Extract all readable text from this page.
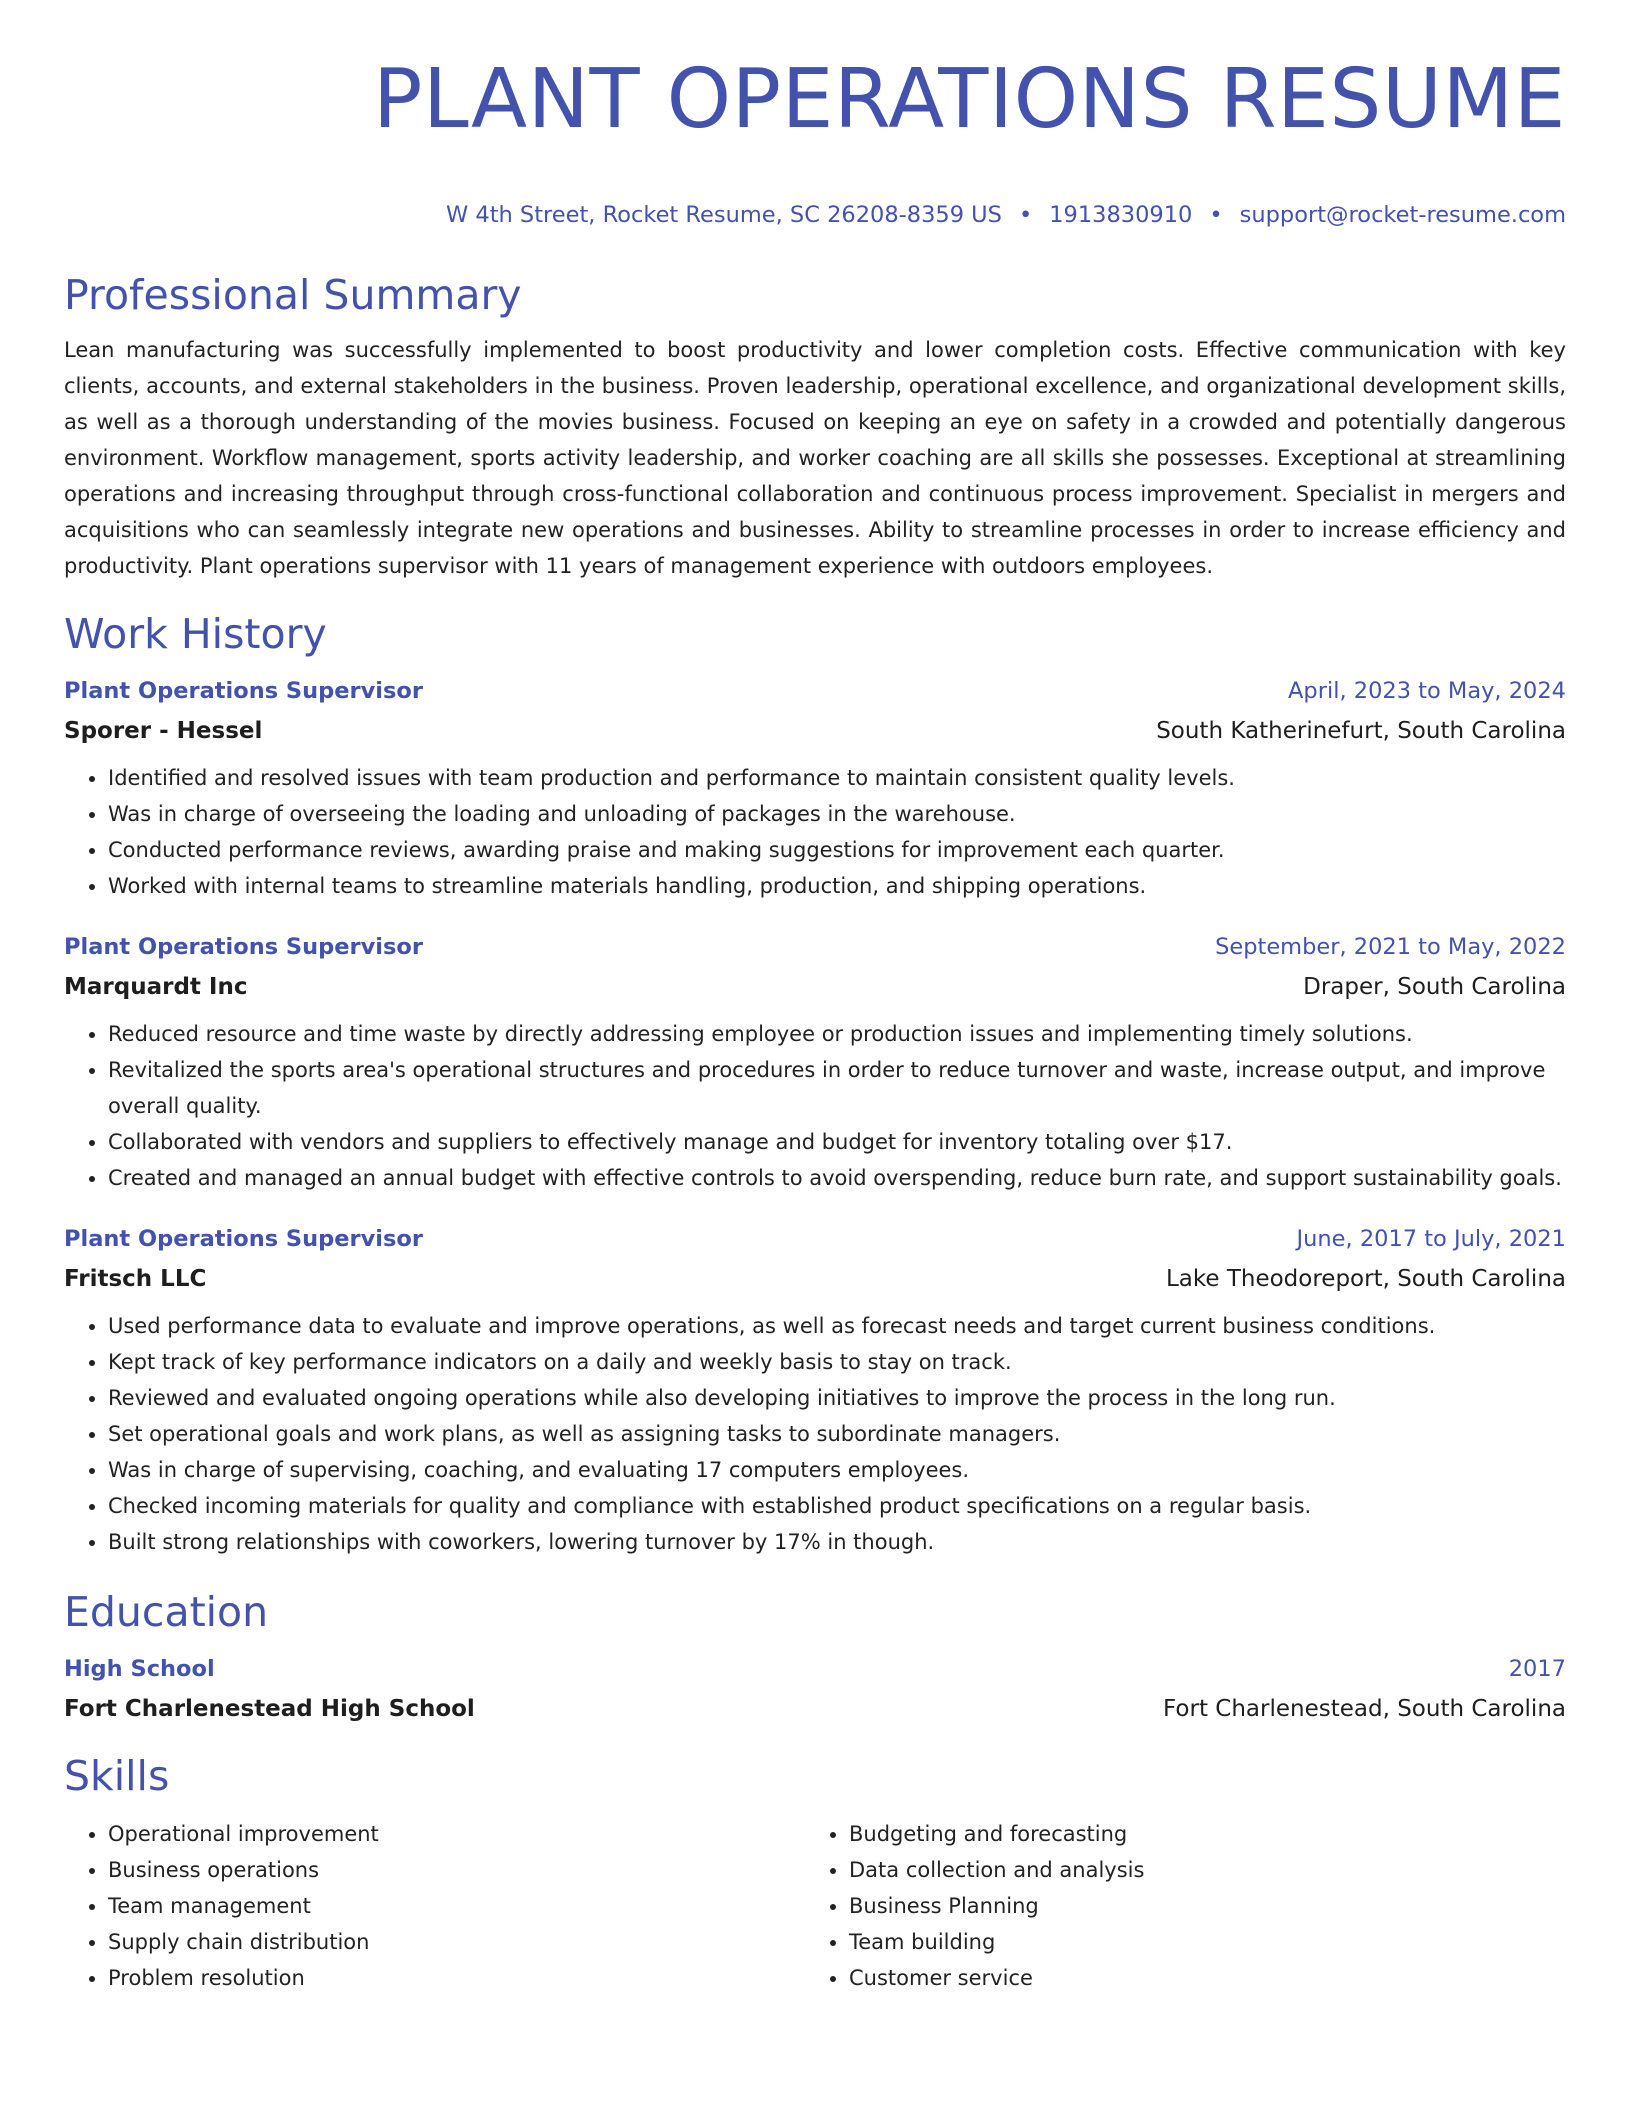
PLANT OPERATIONS RESUME
W 4th Street, Rocket Resume, SC 26208-8359 US • 1913830910 • support@rocket-resume.com
Professional Summary

Lean manufacturing was successfully implemented to boost productivity and lower completion costs. Effective communication with key clients, accounts, and external stakeholders in the business. Proven leadership, operational excellence, and organizational development skills, as well as a thorough understanding of the movies business. Focused on keeping an eye on safety in a crowded and potentially dangerous environment. Workflow management, sports activity leadership, and worker coaching are all skills she possesses. Exceptional at streamlining operations and increasing throughput through cross-functional collaboration and continuous process improvement. Specialist in mergers and acquisitions who can seamlessly integrate new operations and businesses. Ability to streamline processes in order to increase efficiency and productivity. Plant operations supervisor with 11 years of management experience with outdoors employees.

Work History
Plant Operations Supervisor	April, 2023 to May, 2024
Sporer - Hessel	South Katherinefurt, South Carolina
• Identified and resolved issues with team production and performance to maintain consistent quality levels.
• Was in charge of overseeing the loading and unloading of packages in the warehouse.
• Conducted performance reviews, awarding praise and making suggestions for improvement each quarter.
• Worked with internal teams to streamline materials handling, production, and shipping operations.
Plant Operations Supervisor	September, 2021 to May, 2022
Marquardt Inc	Draper, South Carolina
• Reduced resource and time waste by directly addressing employee or production issues and implementing timely solutions.
• Revitalized the sports area's operational structures and procedures in order to reduce turnover and waste, increase output, and improve overall quality.
• Collaborated with vendors and suppliers to effectively manage and budget for inventory totaling over $17.
• Created and managed an annual budget with effective controls to avoid overspending, reduce burn rate, and support sustainability goals.
Plant Operations Supervisor	June, 2017 to July, 2021
Fritsch LLC	Lake Theodoreport, South Carolina
• Used performance data to evaluate and improve operations, as well as forecast needs and target current business conditions.
• Kept track of key performance indicators on a daily and weekly basis to stay on track.
• Reviewed and evaluated ongoing operations while also developing initiatives to improve the process in the long run.
• Set operational goals and work plans, as well as assigning tasks to subordinate managers.
• Was in charge of supervising, coaching, and evaluating 17 computers employees.
• Checked incoming materials for quality and compliance with established product specifications on a regular basis.
• Built strong relationships with coworkers, lowering turnover by 17% in though.
Education
High School	2017
Fort Charlenestead High School	Fort Charlenestead, South Carolina
Skills
• Operational improvement
• Business operations
• Team management
• Supply chain distribution
• Problem resolution
• Budgeting and forecasting
• Data collection and analysis
• Business Planning
• Team building
• Customer service
